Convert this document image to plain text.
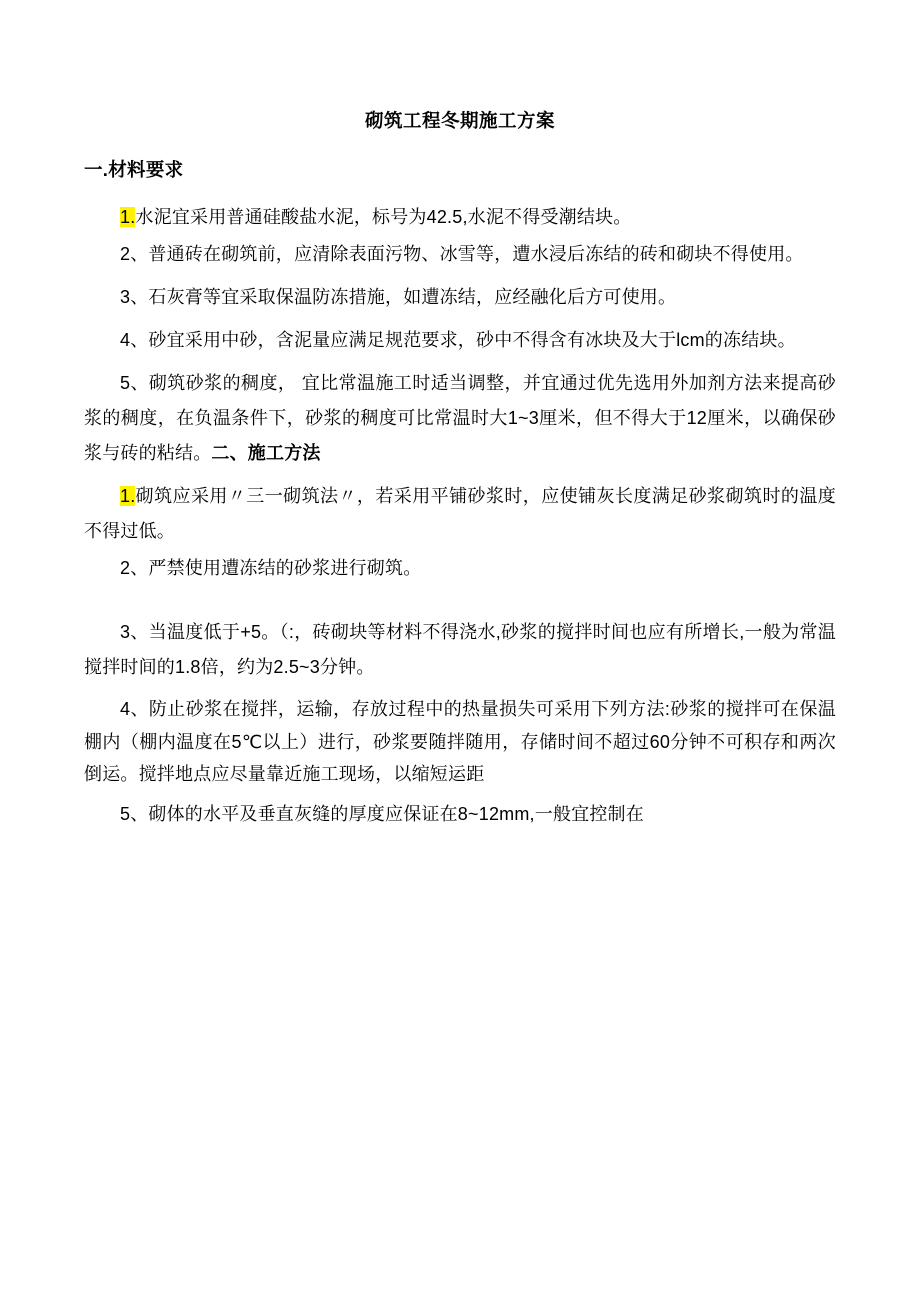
砌筑工程冬期施工方案
一.材料要求

1.水泥宜采用普通硅酸盐水泥，标号为42.5,水泥不得受潮结块。

2、普通砖在砌筑前，应清除表面污物、冰雪等，遭水浸后冻结的砖和砌块不得使用。

3、石灰膏等宜采取保温防冻措施，如遭冻结，应经融化后方可使用。

4、砂宜采用中砂，含泥量应满足规范要求，砂中不得含有冰块及大于lcm的冻结块。

5、砌筑砂浆的稠度， 宜比常温施工时适当调整，并宜通过优先选用外加剂方法来提高砂浆的稠度，在负温条件下，砂浆的稠度可比常温时大1~3厘米，但不得大于12厘米，以确保砂浆与砖的粘结。二、施工方法

1.砌筑应采用〃三一砌筑法〃，若采用平铺砂浆时，应使铺灰长度满足砂浆砌筑时的温度不得过低。

2、严禁使用遭冻结的砂浆进行砌筑。

3、当温度低于+5。（:，砖砌块等材料不得浇水,砂浆的搅拌时间也应有所增长,一般为常温搅拌时间的1.8倍，约为2.5~3分钟。

4、防止砂浆在搅拌，运输，存放过程中的热量损失可采用下列方法:砂浆的搅拌可在保温棚内（棚内温度在5℃以上）进行，砂浆要随拌随用，存储时间不超过60分钟不可积存和两次倒运。搅拌地点应尽量靠近施工现场，以缩短运距

5、砌体的水平及垂直灰缝的厚度应保证在8~12mm,一般宜控制在
